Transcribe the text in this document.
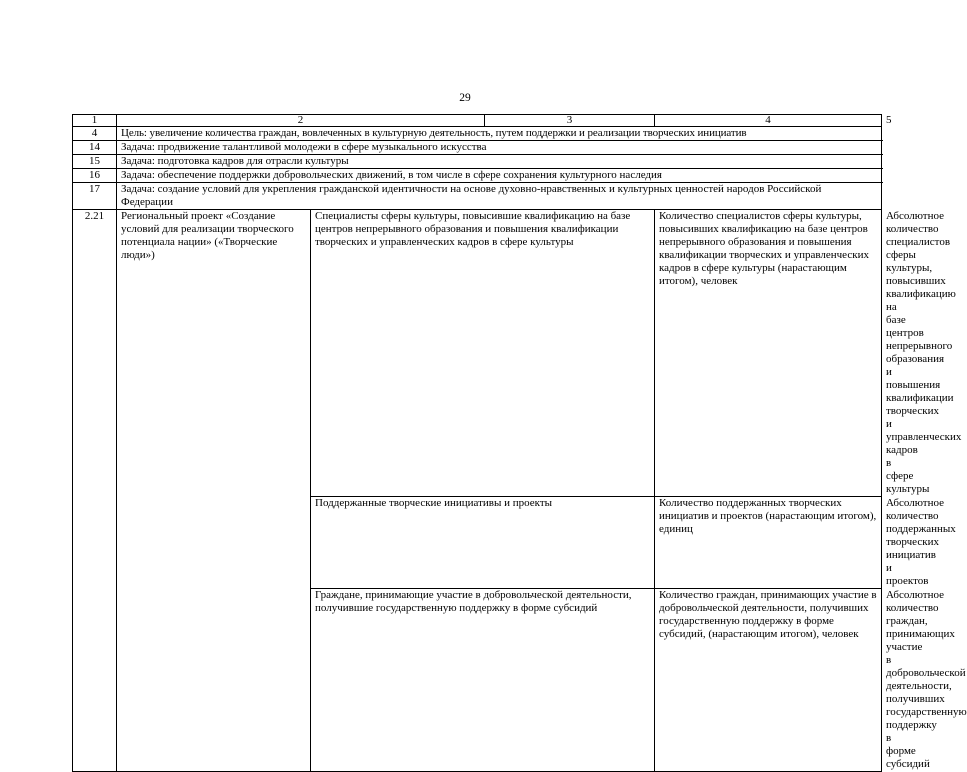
29
1	2		3	4	5
4	Цель: увеличение количества граждан, вовлеченных в культурную деятельность, путем поддержки и реализации творческих инициатив				
14	Задача: продвижение талантливой молодежи в сфере музыкального искусства				
15	Задача: подготовка кадров для отрасли культуры				
16	Задача: обеспечение поддержки добровольческих движений, в том числе в сфере сохранения культурного наследия				
17	Задача: создание условий для укрепления гражданской идентичности на основе духовно-нравственных и культурных ценностей народов Российской Федерации				
2.21	Региональный проект «Создание условий для реализации творческого потенциала нации» («Творческие люди»)	Специалисты сферы культуры, повысившие квалификацию на базе центров непрерывного образования и повышения квалификации творческих и управленческих кадров в сфере культуры		Количество специалистов сферы культуры, повысивших квалификацию на базе центров непрерывного образования и повышения квалификации творческих и управленческих кадров в сфере культуры (нарастающим итогом), человек	Абсолютное количество специалистов сферы культуры, повысивших квалификацию на базе центров непрерывного образования и повышения квалификации творческих и управленческих кадров в сфере культуры
		Поддержанные творческие инициативы и проекты		Количество поддержанных творческих инициатив и проектов (нарастающим итогом), единиц	Абсолютное количество поддержанных творческих инициатив и проектов
		Граждане, принимающие участие в добровольческой деятельности, получившие государственную поддержку в форме субсидий		Количество граждан, принимающих участие в добровольческой деятельности, получивших государственную поддержку в форме субсидий, (нарастающим итогом), человек	Абсолютное количество граждан, принимающих участие в добровольческой деятельности, получивших государственную поддержку в форме субсидий
